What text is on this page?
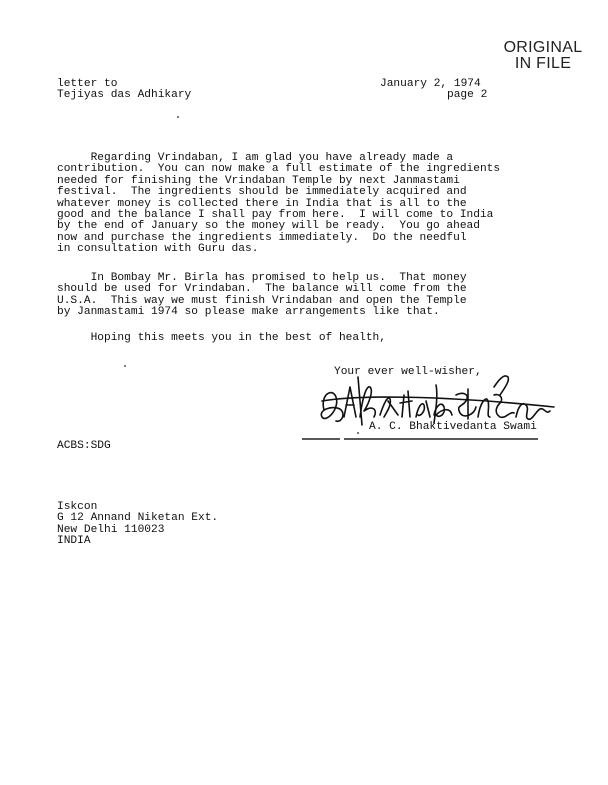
ORIGINAL
IN FILE
letter to
Tejiyas das Adhikary
January 2, 1974
page 2
Regarding Vrindaban, I am glad you have already made a
contribution.  You can now make a full estimate of the ingredients
needed for finishing the Vrindaban Temple by next Janmastami
festival.  The ingredients should be immediately acquired and
whatever money is collected there in India that is all to the
good and the balance I shall pay from here.  I will come to India
by the end of January so the money will be ready.  You go ahead
now and purchase the ingredients immediately.  Do the needful
in consultation with Guru das.
In Bombay Mr. Birla has promised to help us.  That money
should be used for Vrindaban.  The balance will come from the
U.S.A.  This way we must finish Vrindaban and open the Temple
by Janmastami 1974 so please make arrangements like that.
Hoping this meets you in the best of health,
Your ever well-wisher,
A. C. Bhaktivedanta Swami
ACBS:SDG
Iskcon
G 12 Annand Niketan Ext.
New Delhi 110023
INDIA
